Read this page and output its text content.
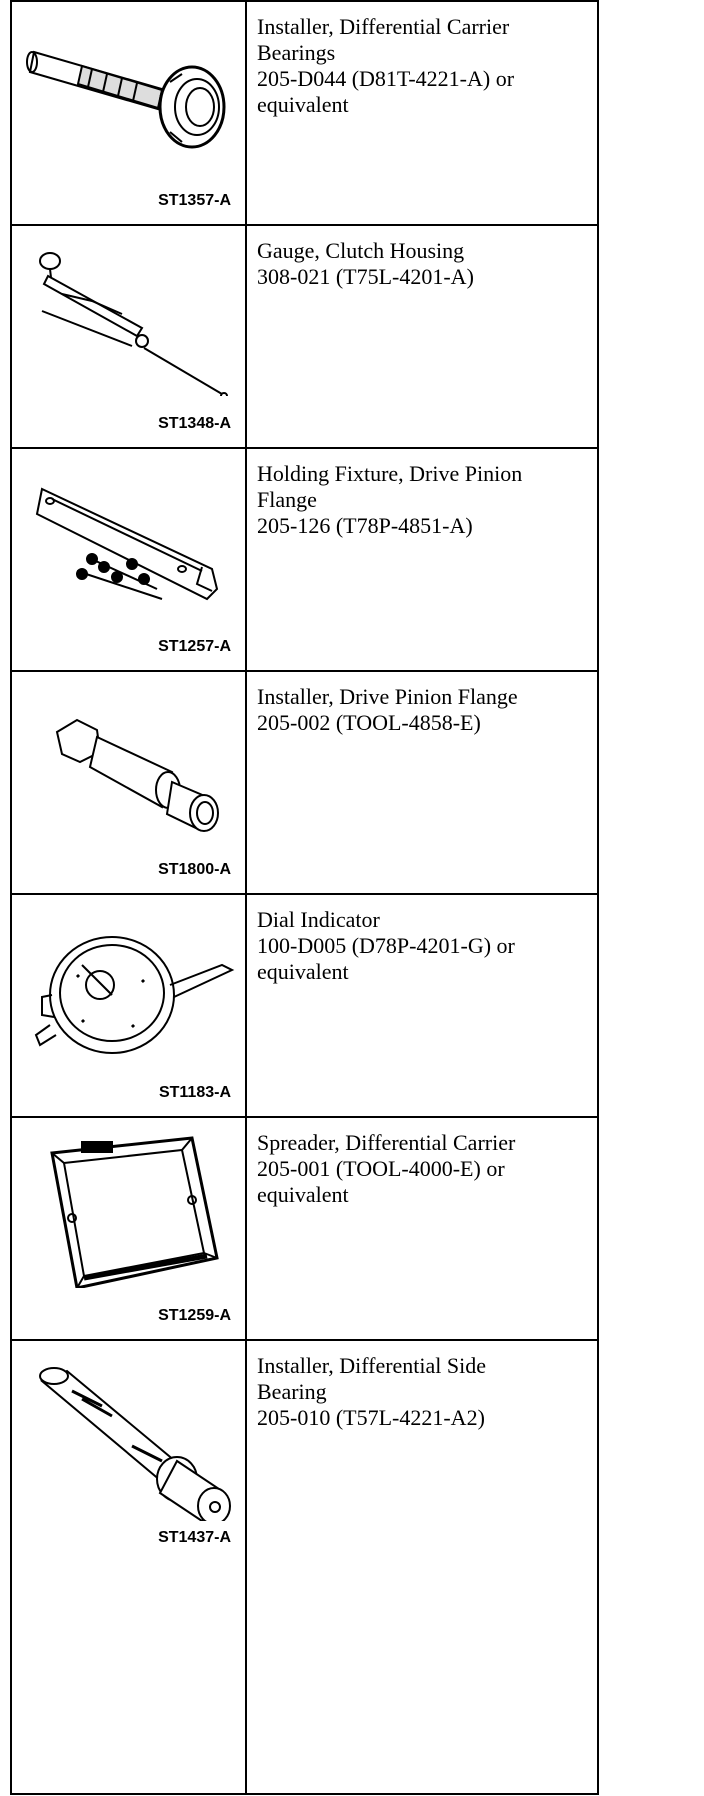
ST1357-A
Installer, Differential Carrier
Bearings
205-D044 (D81T-4221-A) or
equivalent
ST1348-A
Gauge, Clutch Housing
308-021 (T75L-4201-A)
ST1257-A
Holding Fixture, Drive Pinion
Flange
205-126 (T78P-4851-A)
ST1800-A
Installer, Drive Pinion Flange
205-002 (TOOL-4858-E)
ST1183-A
Dial Indicator
100-D005 (D78P-4201-G) or
equivalent
ST1259-A
Spreader, Differential Carrier
205-001 (TOOL-4000-E) or
equivalent
ST1437-A
Installer, Differential Side
Bearing
205-010 (T57L-4221-A2)
